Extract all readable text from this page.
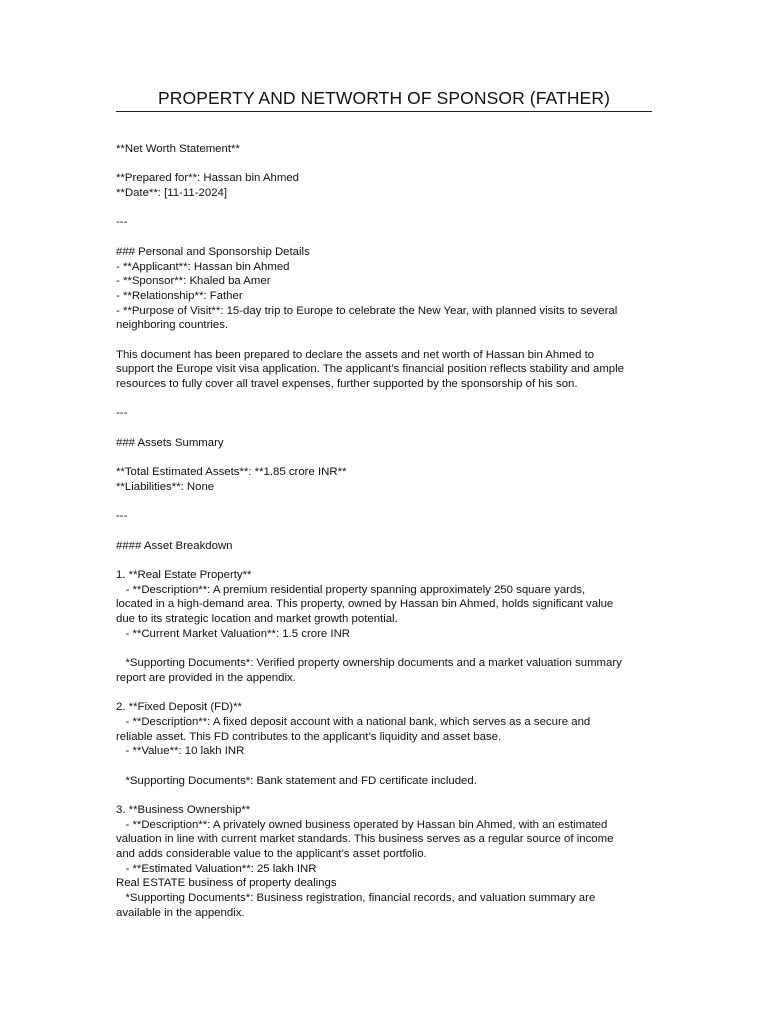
PROPERTY AND NETWORTH OF SPONSOR (FATHER)
**Net Worth Statement**
**Prepared for**: Hassan bin Ahmed
**Date**: [11-11-2024]
---
### Personal and Sponsorship Details
- **Applicant**: Hassan bin Ahmed
- **Sponsor**: Khaled ba Amer
- **Relationship**: Father
- **Purpose of Visit**: 15-day trip to Europe to celebrate the New Year, with planned visits to several
neighboring countries.
This document has been prepared to declare the assets and net worth of Hassan bin Ahmed to
support the Europe visit visa application. The applicant’s financial position reflects stability and ample
resources to fully cover all travel expenses, further supported by the sponsorship of his son.
---
### Assets Summary
**Total Estimated Assets**: **1.85 crore INR**
**Liabilities**: None
---
#### Asset Breakdown
1. **Real Estate Property**
- **Description**: A premium residential property spanning approximately 250 square yards,
located in a high-demand area. This property, owned by Hassan bin Ahmed, holds significant value
due to its strategic location and market growth potential.
- **Current Market Valuation**: 1.5 crore INR
*Supporting Documents*: Verified property ownership documents and a market valuation summary
report are provided in the appendix.
2. **Fixed Deposit (FD)**
- **Description**: A fixed deposit account with a national bank, which serves as a secure and
reliable asset. This FD contributes to the applicant’s liquidity and asset base.
- **Value**: 10 lakh INR
*Supporting Documents*: Bank statement and FD certificate included.
3. **Business Ownership**
- **Description**: A privately owned business operated by Hassan bin Ahmed, with an estimated
valuation in line with current market standards. This business serves as a regular source of income
and adds considerable value to the applicant’s asset portfolio.
- **Estimated Valuation**: 25 lakh INR
Real ESTATE business of property dealings
*Supporting Documents*: Business registration, financial records, and valuation summary are
available in the appendix.
